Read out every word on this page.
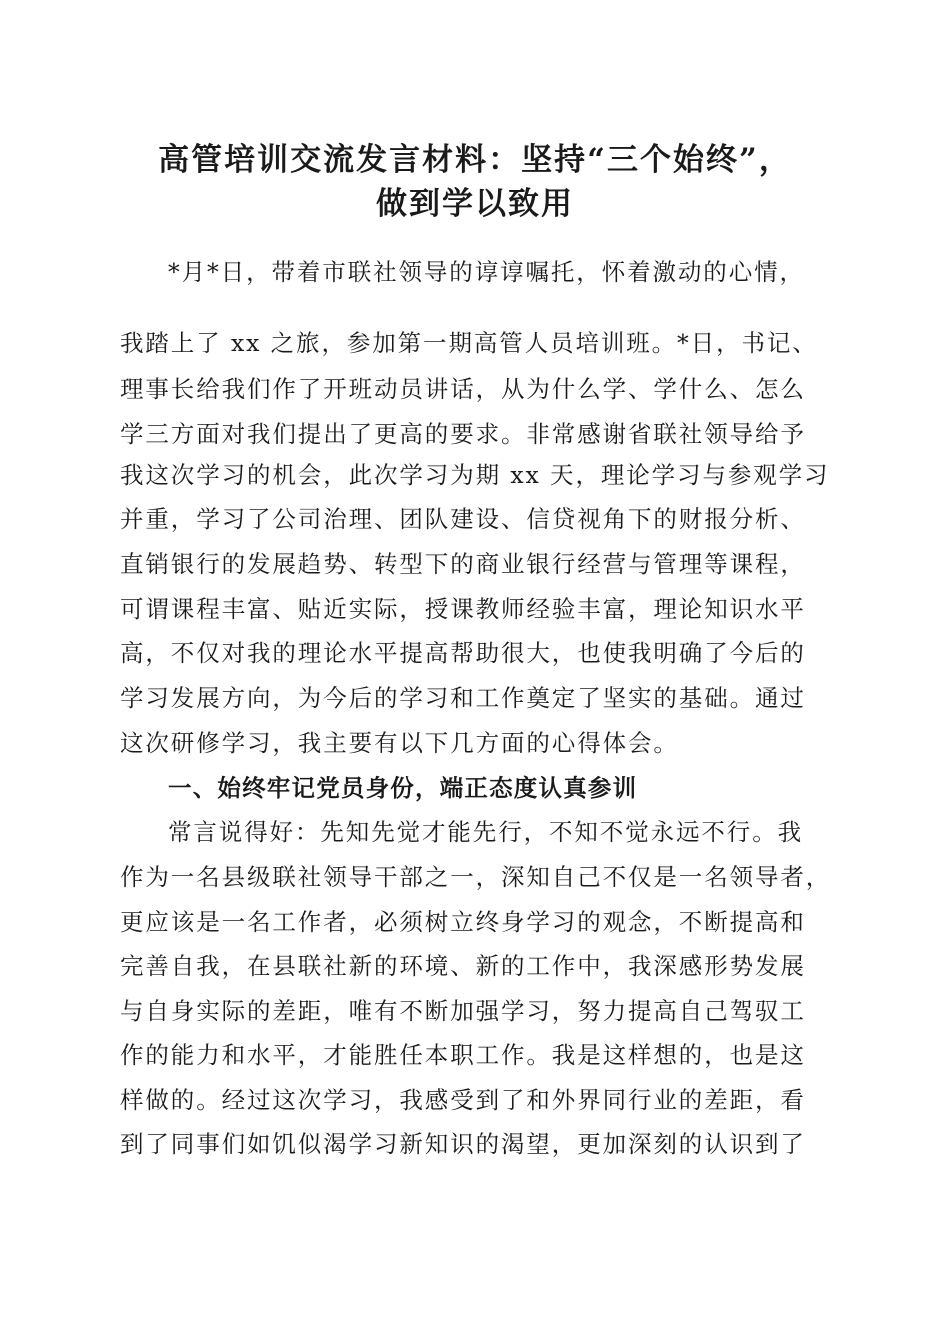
高管培训交流发言材料：坚持“三个始终”，
做到学以致用

*月*日，带着市联社领导的谆谆嘱托，怀着激动的心情，

我踏上了 xx 之旅，参加第一期高管人员培训班。*日，书记、

理事长给我们作了开班动员讲话，从为什么学、学什么、怎么

学三方面对我们提出了更高的要求。非常感谢省联社领导给予

我这次学习的机会，此次学习为期 xx 天，理论学习与参观学习

并重，学习了公司治理、团队建设、信贷视角下的财报分析、

直销银行的发展趋势、转型下的商业银行经营与管理等课程，

可谓课程丰富、贴近实际，授课教师经验丰富，理论知识水平

高，不仅对我的理论水平提高帮助很大，也使我明确了今后的

学习发展方向，为今后的学习和工作奠定了坚实的基础。通过

这次研修学习，我主要有以下几方面的心得体会。

一、始终牢记党员身份，端正态度认真参训

常言说得好：先知先觉才能先行，不知不觉永远不行。我

作为一名县级联社领导干部之一，深知自己不仅是一名领导者，

更应该是一名工作者，必须树立终身学习的观念，不断提高和

完善自我，在县联社新的环境、新的工作中，我深感形势发展

与自身实际的差距，唯有不断加强学习，努力提高自己驾驭工

作的能力和水平，才能胜任本职工作。我是这样想的，也是这

样做的。经过这次学习，我感受到了和外界同行业的差距，看

到了同事们如饥似渴学习新知识的渴望，更加深刻的认识到了
